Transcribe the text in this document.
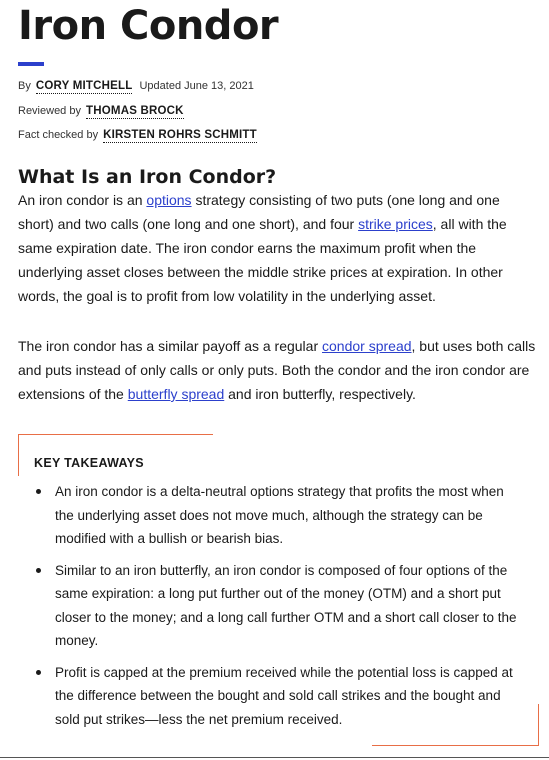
Iron Condor
By CORY MITCHELL Updated June 13, 2021
Reviewed by THOMAS BROCK
Fact checked by KIRSTEN ROHRS SCHMITT
What Is an Iron Condor?

An iron condor is an options strategy consisting of two puts (one long and one short) and two calls (one long and one short), and four strike prices, all with the same expiration date. The iron condor earns the maximum profit when the underlying asset closes between the middle strike prices at expiration. In other words, the goal is to profit from low volatility in the underlying asset.

The iron condor has a similar payoff as a regular condor spread, but uses both calls and puts instead of only calls or only puts. Both the condor and the iron condor are extensions of the butterfly spread and iron butterfly, respectively.

KEY TAKEAWAYS
An iron condor is a delta-neutral options strategy that profits the most when the underlying asset does not move much, although the strategy can be modified with a bullish or bearish bias.
Similar to an iron butterfly, an iron condor is composed of four options of the same expiration: a long put further out of the money (OTM) and a short put closer to the money; and a long call further OTM and a short call closer to the money.
Profit is capped at the premium received while the potential loss is capped at the difference between the bought and sold call strikes and the bought and sold put strikes—less the net premium received.
